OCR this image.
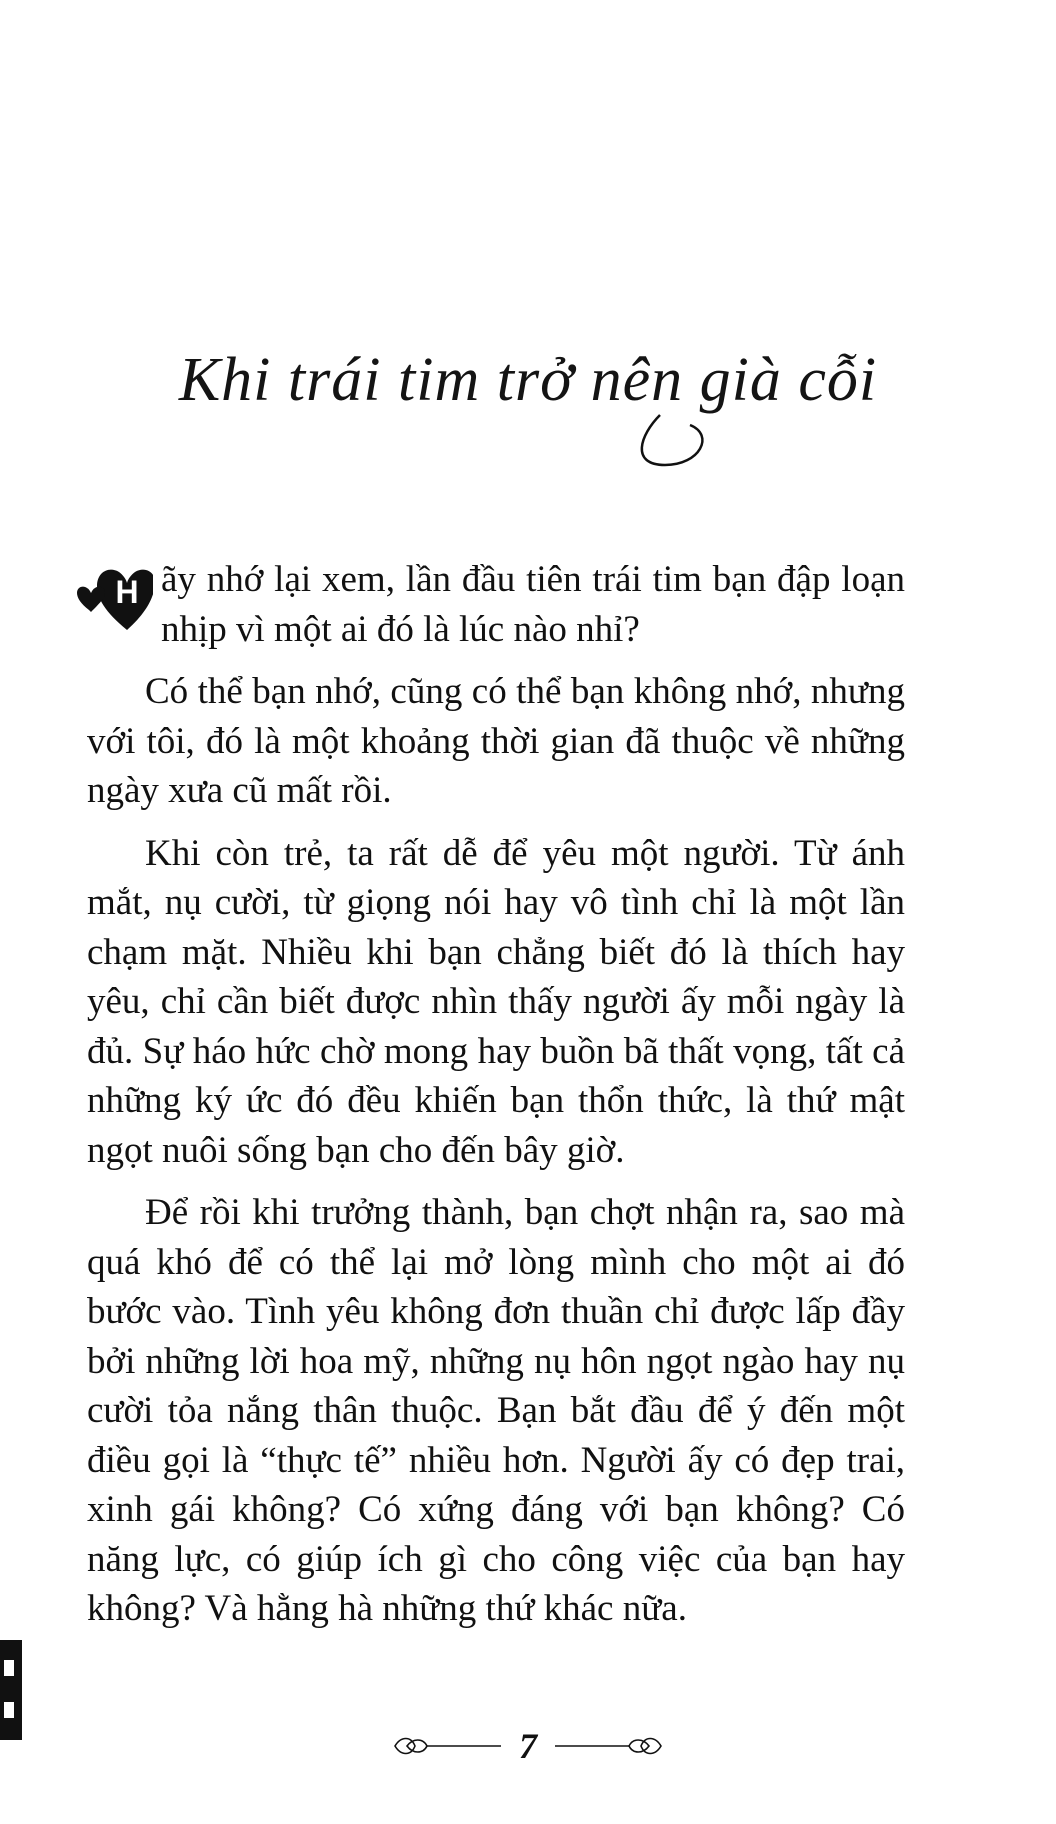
Khi trái tim trở nên già cỗi

H ãy nhớ lại xem, lần đầu tiên trái tim bạn đập loạn nhịp vì một ai đó là lúc nào nhỉ?

Có thể bạn nhớ, cũng có thể bạn không nhớ, nhưng với tôi, đó là một khoảng thời gian đã thuộc về những ngày xưa cũ mất rồi.

Khi còn trẻ, ta rất dễ để yêu một người. Từ ánh mắt, nụ cười, từ giọng nói hay vô tình chỉ là một lần chạm mặt. Nhiều khi bạn chẳng biết đó là thích hay yêu, chỉ cần biết được nhìn thấy người ấy mỗi ngày là đủ. Sự háo hức chờ mong hay buồn bã thất vọng, tất cả những ký ức đó đều khiến bạn thổn thức, là thứ mật ngọt nuôi sống bạn cho đến bây giờ.

Để rồi khi trưởng thành, bạn chợt nhận ra, sao mà quá khó để có thể lại mở lòng mình cho một ai đó bước vào. Tình yêu không đơn thuần chỉ được lấp đầy bởi những lời hoa mỹ, những nụ hôn ngọt ngào hay nụ cười tỏa nắng thân thuộc. Bạn bắt đầu để ý đến một điều gọi là “thực tế” nhiều hơn. Người ấy có đẹp trai, xinh gái không? Có xứng đáng với bạn không? Có năng lực, có giúp ích gì cho công việc của bạn hay không? Và hằng hà những thứ khác nữa.

7
